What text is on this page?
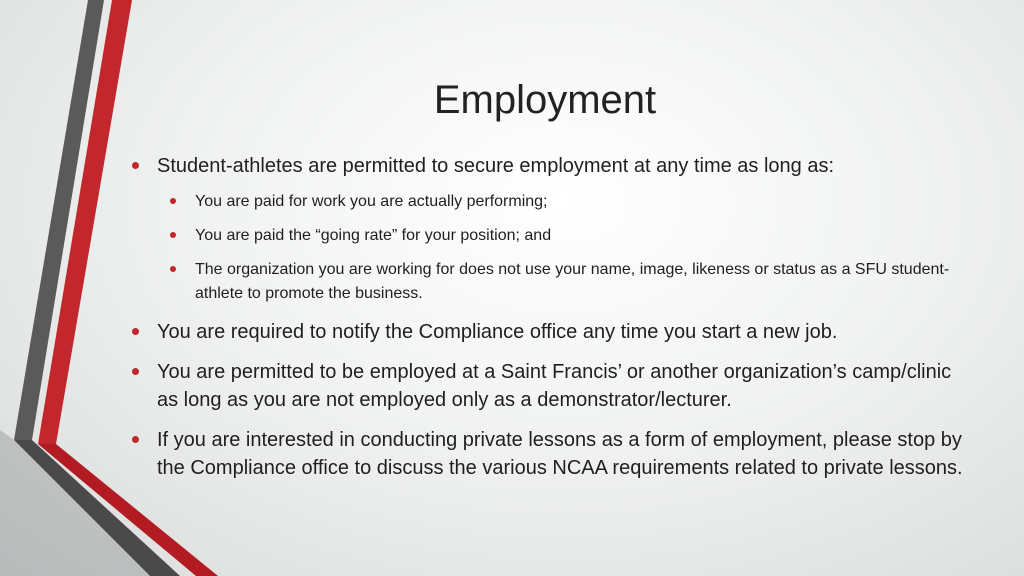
Employment
Student-athletes are permitted to secure employment at any time as long as:
You are paid for work you are actually performing;
You are paid the “going rate” for your position; and
The organization you are working for does not use your name, image, likeness or status as a SFU student-athlete to promote the business.
You are required to notify the Compliance office any time you start a new job.
You are permitted to be employed at a Saint Francis’ or another organization’s camp/clinic as long as you are not employed only as a demonstrator/lecturer.
If you are interested in conducting private lessons as a form of employment, please stop by the Compliance office to discuss the various NCAA requirements related to private lessons.
